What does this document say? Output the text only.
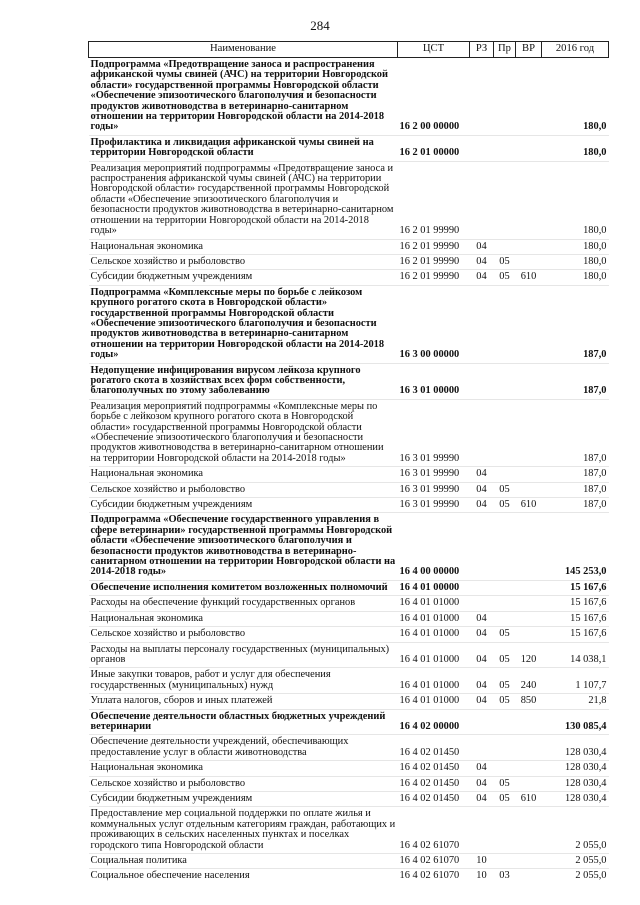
284
Наименование	ЦСТ	РЗ	Пр	ВР	2016 год
Подпрограмма «Предотвращение заноса и распространения африканской чумы свиней (АЧС) на территории Новгородской области» государственной программы Новгородской области «Обеспечение эпизоотического благополучия и безопасности продуктов животноводства в ветеринарно-санитарном отношении на территории Новгородской области на 2014-2018 годы»	16 2 00 00000				180,0
Профилактика и ликвидация африканской чумы свиней на территории Новгородской области	16 2 01 00000				180,0
Реализация мероприятий подпрограммы «Предотвращение заноса и распространения африканской чумы свиней (АЧС) на территории Новгородской области» государственной программы Новгородской области «Обеспечение эпизоотического благополучия и безопасности продуктов животноводства в ветеринарно-санитарном отношении на территории Новгородской области на 2014-2018 годы»	16 2 01 99990				180,0
Национальная экономика	16 2 01 99990	04			180,0
Сельское хозяйство и рыболовство	16 2 01 99990	04	05		180,0
Субсидии бюджетным учреждениям	16 2 01 99990	04	05	610	180,0
Подпрограмма «Комплексные меры по борьбе с лейкозом крупного рогатого скота в Новгородской области» государственной программы Новгородской области «Обеспечение эпизоотического благополучия и безопасности продуктов животноводства в ветеринарно-санитарном отношении на территории Новгородской области на 2014-2018 годы»	16 3 00 00000				187,0
Недопущение инфицирования вирусом лейкоза крупного рогатого скота в хозяйствах всех форм собственности, благополучных по этому заболеванию	16 3 01 00000				187,0
Реализация мероприятий подпрограммы «Комплексные меры по борьбе с лейкозом крупного рогатого скота в Новгородской области» государственной программы Новгородской области «Обеспечение эпизоотического благополучия и безопасности продуктов животноводства в ветеринарно-санитарном отношении на территории Новгородской области на 2014-2018 годы»	16 3 01 99990				187,0
Национальная экономика	16 3 01 99990	04			187,0
Сельское хозяйство и рыболовство	16 3 01 99990	04	05		187,0
Субсидии бюджетным учреждениям	16 3 01 99990	04	05	610	187,0
Подпрограмма «Обеспечение государственного управления в сфере ветеринарии» государственной программы Новгородской области «Обеспечение эпизоотического благополучия и безопасности продуктов животноводства в ветеринарно-санитарном отношении на территории Новгородской области на 2014-2018 годы»	16 4 00 00000				145 253,0
Обеспечение исполнения комитетом возложенных полномочий	16 4 01 00000				15 167,6
Расходы на обеспечение функций государственных органов	16 4 01 01000				15 167,6
Национальная экономика	16 4 01 01000	04			15 167,6
Сельское хозяйство и рыболовство	16 4 01 01000	04	05		15 167,6
Расходы на выплаты персоналу государственных (муниципальных) органов	16 4 01 01000	04	05	120	14 038,1
Иные закупки товаров, работ и услуг для обеспечения государственных (муниципальных) нужд	16 4 01 01000	04	05	240	1 107,7
Уплата налогов, сборов и иных платежей	16 4 01 01000	04	05	850	21,8
Обеспечение деятельности областных бюджетных учреждений ветеринарии	16 4 02 00000				130 085,4
Обеспечение деятельности учреждений, обеспечивающих предоставление услуг в области животноводства	16 4 02 01450				128 030,4
Национальная экономика	16 4 02 01450	04			128 030,4
Сельское хозяйство и рыболовство	16 4 02 01450	04	05		128 030,4
Субсидии бюджетным учреждениям	16 4 02 01450	04	05	610	128 030,4
Предоставление мер социальной поддержки по оплате жилья и коммунальных услуг отдельным категориям граждан, работающих и проживающих в сельских населенных пунктах и поселках городского типа Новгородской области	16 4 02 61070				2 055,0
Социальная политика	16 4 02 61070	10			2 055,0
Социальное обеспечение населения	16 4 02 61070	10	03		2 055,0
